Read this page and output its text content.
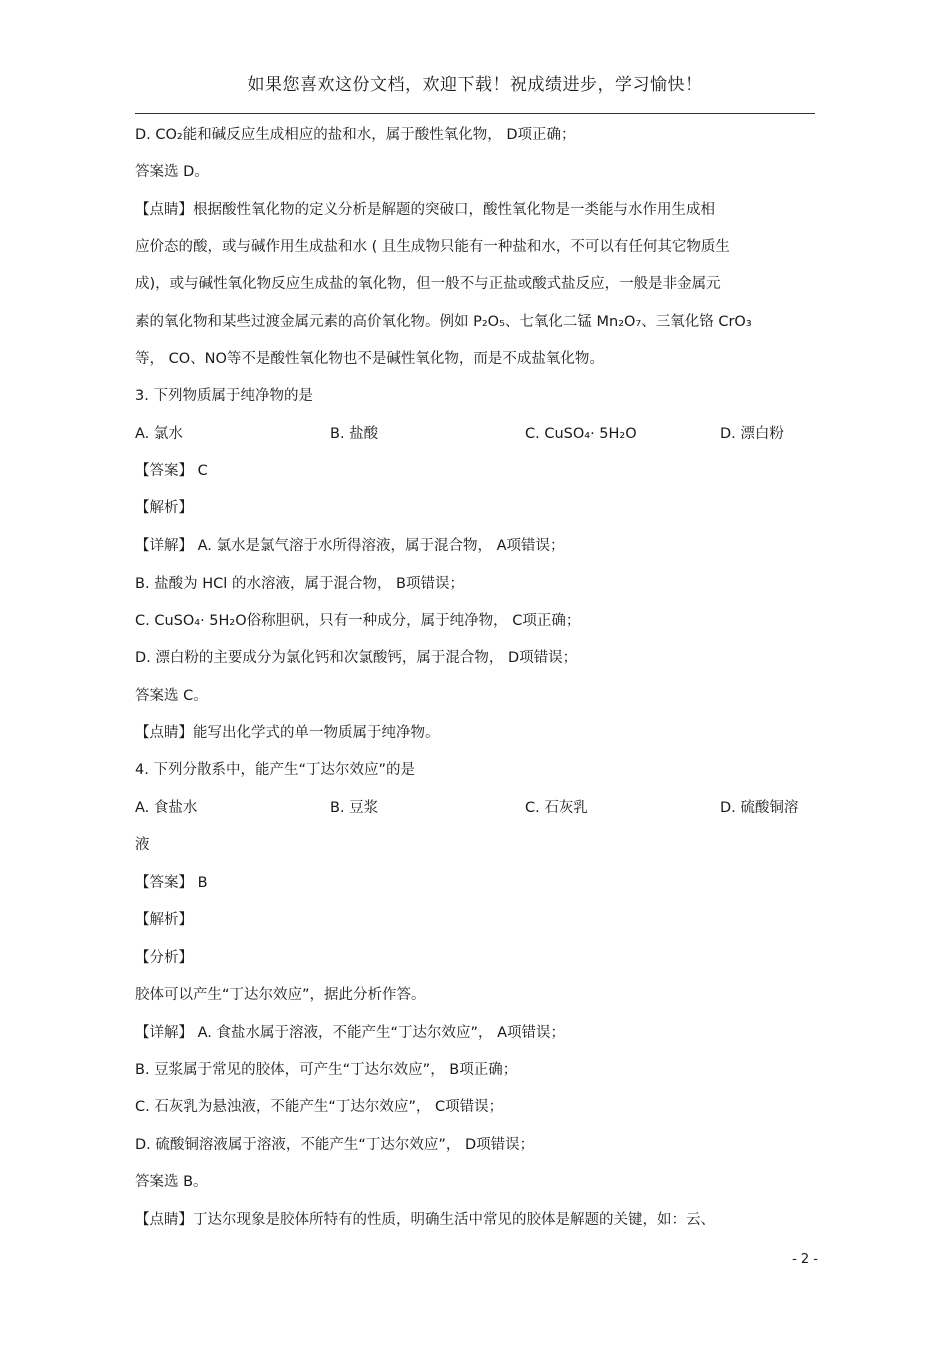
如果您喜欢这份文档，欢迎下载！祝成绩进步，学习愉快！
D. CO₂能和碱反应生成相应的盐和水，属于酸性氧化物， D项正确；
答案选 D。
【点睛】根据酸性氧化物的定义分析是解题的突破口，酸性氧化物是一类能与水作用生成相
应价态的酸，或与碱作用生成盐和水 ( 且生成物只能有一种盐和水，不可以有任何其它物质生
成)，或与碱性氧化物反应生成盐的氧化物，但一般不与正盐或酸式盐反应，一般是非金属元
素的氧化物和某些过渡金属元素的高价氧化物。例如 P₂O₅、七氧化二锰 Mn₂O₇、三氧化铬 CrO₃
等， CO、NO等不是酸性氧化物也不是碱性氧化物，而是不成盐氧化物。
3. 下列物质属于纯净物的是
A. 氯水	B. 盐酸	C. CuSO₄· 5H₂O	D. 漂白粉
【答案】 C
【解析】
【详解】 A. 氯水是氯气溶于水所得溶液，属于混合物， A项错误；
B. 盐酸为 HCl 的水溶液，属于混合物， B项错误；
C. CuSO₄· 5H₂O俗称胆矾，只有一种成分，属于纯净物， C项正确；
D. 漂白粉的主要成分为氯化钙和次氯酸钙，属于混合物， D项错误；
答案选 C。
【点睛】能写出化学式的单一物质属于纯净物。
4. 下列分散系中，能产生“丁达尔效应”的是
A. 食盐水	B. 豆浆	C. 石灰乳	D. 硫酸铜溶
液
【答案】 B
【解析】
【分析】
胶体可以产生“丁达尔效应”，据此分析作答。
【详解】 A. 食盐水属于溶液，不能产生“丁达尔效应”， A项错误；
B. 豆浆属于常见的胶体，可产生“丁达尔效应”， B项正确；
C. 石灰乳为悬浊液，不能产生“丁达尔效应”， C项错误；
D. 硫酸铜溶液属于溶液，不能产生“丁达尔效应”， D项错误；
答案选 B。
【点睛】丁达尔现象是胶体所特有的性质，明确生活中常见的胶体是解题的关键，如：云、
- 2 -
